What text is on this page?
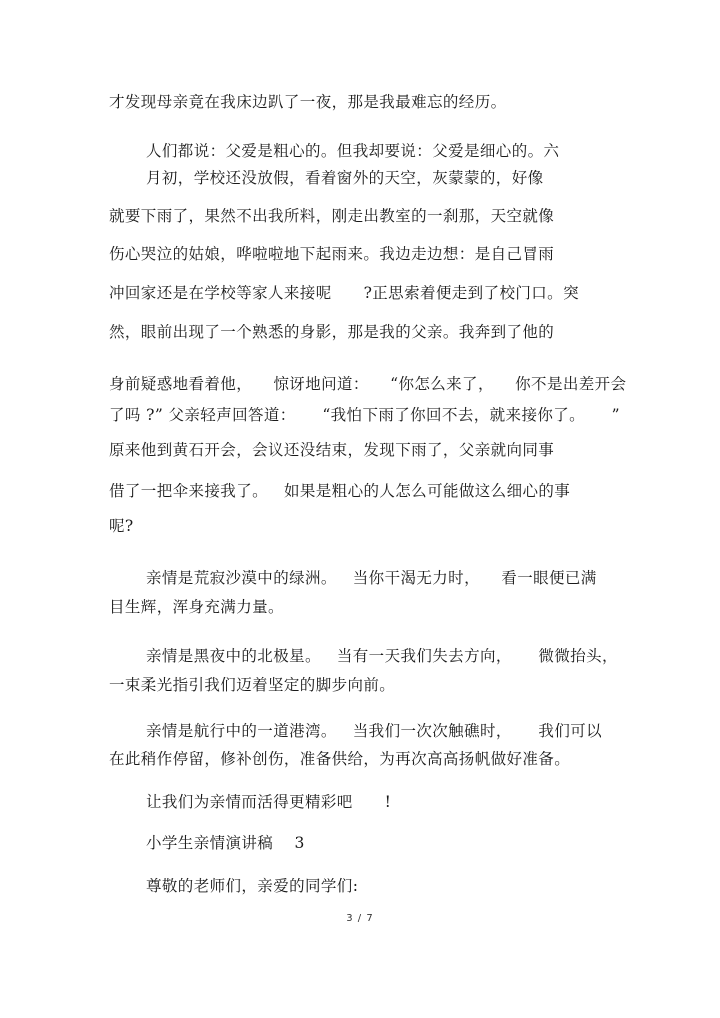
才发现母亲竟在我床边趴了一夜，那是我最难忘的经历。
人们都说：父爱是粗心的。但我却要说：父爱是细心的。六
月初，学校还没放假，看着窗外的天空，灰蒙蒙的，好像
就要下雨了，果然不出我所料，刚走出教室的一刹那，天空就像
伤心哭泣的姑娘，哗啦啦地下起雨来。我边走边想：是自己冒雨
冲回家还是在学校等家人来接呢      ?正思索着便走到了校门口。突
然，眼前出现了一个熟悉的身影，那是我的父亲。我奔到了他的
身前疑惑地看着他，    惊讶地问道：    “你怎么来了，    你不是出差开会
了吗 ?” 父亲轻声回答道：     “我怕下雨了你回不去，就来接你了。     ”
原来他到黄石开会，会议还没结束，发现下雨了，父亲就向同事
借了一把伞来接我了。   如果是粗心的人怎么可能做这么细心的事
呢?
亲情是荒寂沙漠中的绿洲。   当你干渴无力时，    看一眼便已满
目生辉，浑身充满力量。
亲情是黑夜中的北极星。   当有一天我们失去方向，     微微抬头，
一束柔光指引我们迈着坚定的脚步向前。
亲情是航行中的一道港湾。   当我们一次次触礁时，     我们可以
在此稍作停留，修补创伤，准备供给，为再次高高扬帆做好准备。
让我们为亲情而活得更精彩吧      !
小学生亲情演讲稿    3
尊敬的老师们，亲爱的同学们:
3 / 7
